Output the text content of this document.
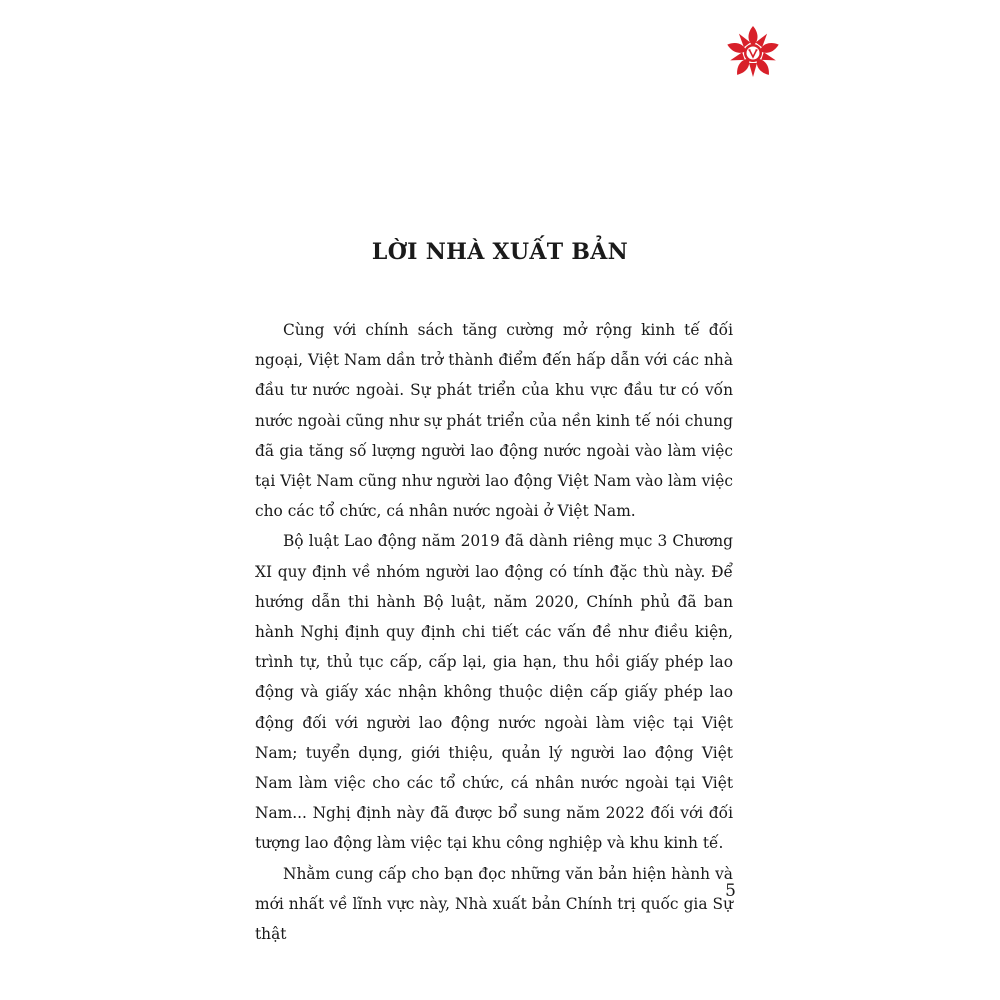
LỜI NHÀ XUẤT BẢN

Cùng với chính sách tăng cường mở rộng kinh tế đối ngoại, Việt Nam dần trở thành điểm đến hấp dẫn với các nhà đầu tư nước ngoài. Sự phát triển của khu vực đầu tư có vốn nước ngoài cũng như sự phát triển của nền kinh tế nói chung đã gia tăng số lượng người lao động nước ngoài vào làm việc tại Việt Nam cũng như người lao động Việt Nam vào làm việc cho các tổ chức, cá nhân nước ngoài ở Việt Nam.

Bộ luật Lao động năm 2019 đã dành riêng mục 3 Chương XI quy định về nhóm người lao động có tính đặc thù này. Để hướng dẫn thi hành Bộ luật, năm 2020, Chính phủ đã ban hành Nghị định quy định chi tiết các vấn đề như điều kiện, trình tự, thủ tục cấp, cấp lại, gia hạn, thu hồi giấy phép lao động và giấy xác nhận không thuộc diện cấp giấy phép lao động đối với người lao động nước ngoài làm việc tại Việt Nam; tuyển dụng, giới thiệu, quản lý người lao động Việt Nam làm việc cho các tổ chức, cá nhân nước ngoài tại Việt Nam... Nghị định này đã được bổ sung năm 2022 đối với đối tượng lao động làm việc tại khu công nghiệp và khu kinh tế.

Nhằm cung cấp cho bạn đọc những văn bản hiện hành và mới nhất về lĩnh vực này, Nhà xuất bản Chính trị quốc gia Sự thật

5
